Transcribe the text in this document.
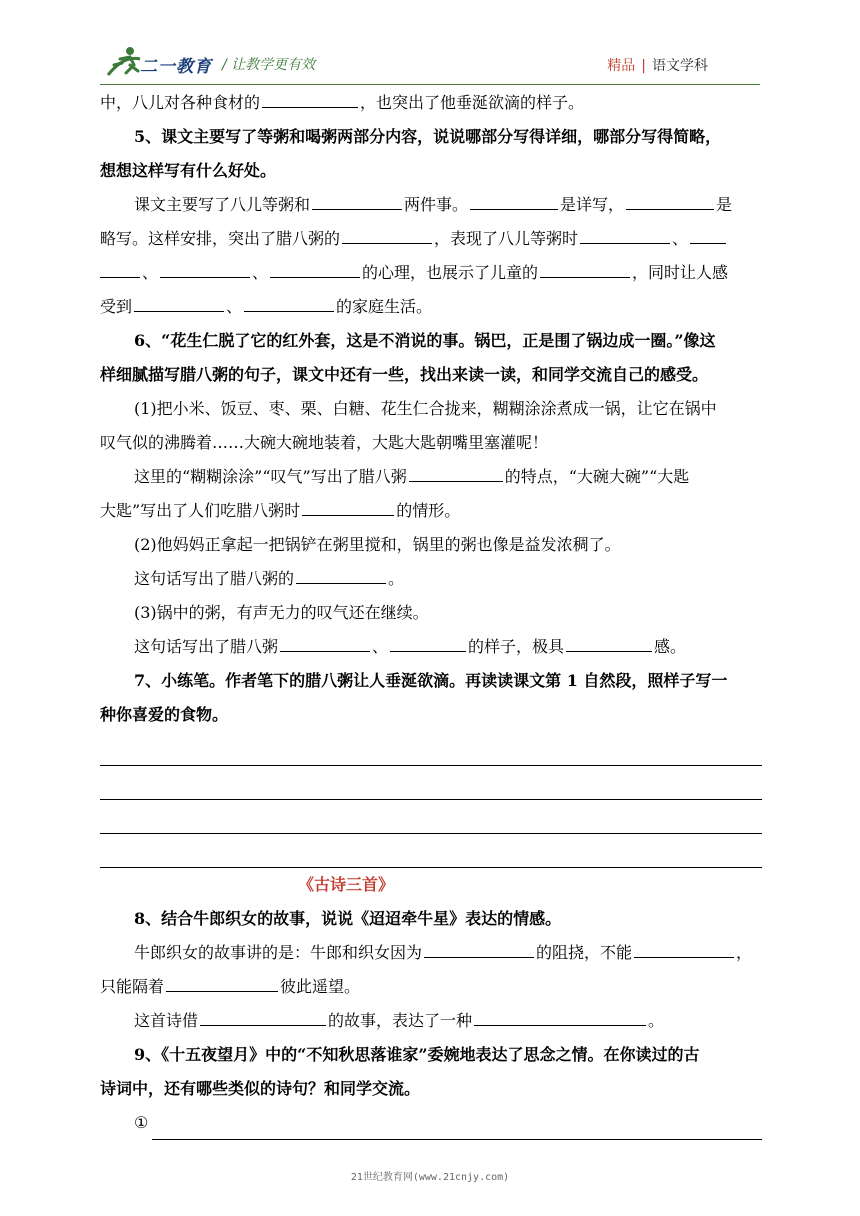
二一教育 / 让教学更有效	精品 | 语文学科
中，八儿对各种食材的	，也突出了他垂涎欲滴的样子。
5、课文主要写了等粥和喝粥两部分内容，说说哪部分写得详细，哪部分写得简略，
想想这样写有什么好处。
课文主要写了八儿等粥和	两件事。	是详写，	是
略写。这样安排，突出了腊八粥的	，表现了八儿等粥时	、
、	、	的心理，也展示了儿童的	，同时让人感
受到	、	的家庭生活。
6、“花生仁脱了它的红外套，这是不消说的事。锅巴，正是围了锅边成一圈。”像这
样细腻描写腊八粥的句子，课文中还有一些，找出来读一读，和同学交流自己的感受。
(1)把小米、饭豆、枣、栗、白糖、花生仁合拢来，糊糊涂涂煮成一锅，让它在锅中
叹气似的沸腾着……大碗大碗地装着，大匙大匙朝嘴里塞灌呢！
这里的“糊糊涂涂”“叹气”写出了腊八粥	的特点，“大碗大碗”“大匙
大匙”写出了人们吃腊八粥时	的情形。
(2)他妈妈正拿起一把锅铲在粥里搅和，锅里的粥也像是益发浓稠了。
这句话写出了腊八粥的	。
(3)锅中的粥，有声无力的叹气还在继续。
这句话写出了腊八粥	、	的样子，极具	感。
7、小练笔。作者笔下的腊八粥让人垂涎欲滴。再读读课文第 1 自然段，照样子写一
种你喜爱的食物。
《古诗三首》
8、结合牛郎织女的故事，说说《迢迢牵牛星》表达的情感。
牛郎织女的故事讲的是：牛郎和织女因为	的阻挠，不能	，
只能隔着	彼此遥望。
这首诗借	的故事，表达了一种	。
9、《十五夜望月》中的“不知秋思落谁家”委婉地表达了思念之情。在你读过的古
诗词中，还有哪些类似的诗句？和同学交流。
①
21世纪教育网(www.21cnjy.com)
